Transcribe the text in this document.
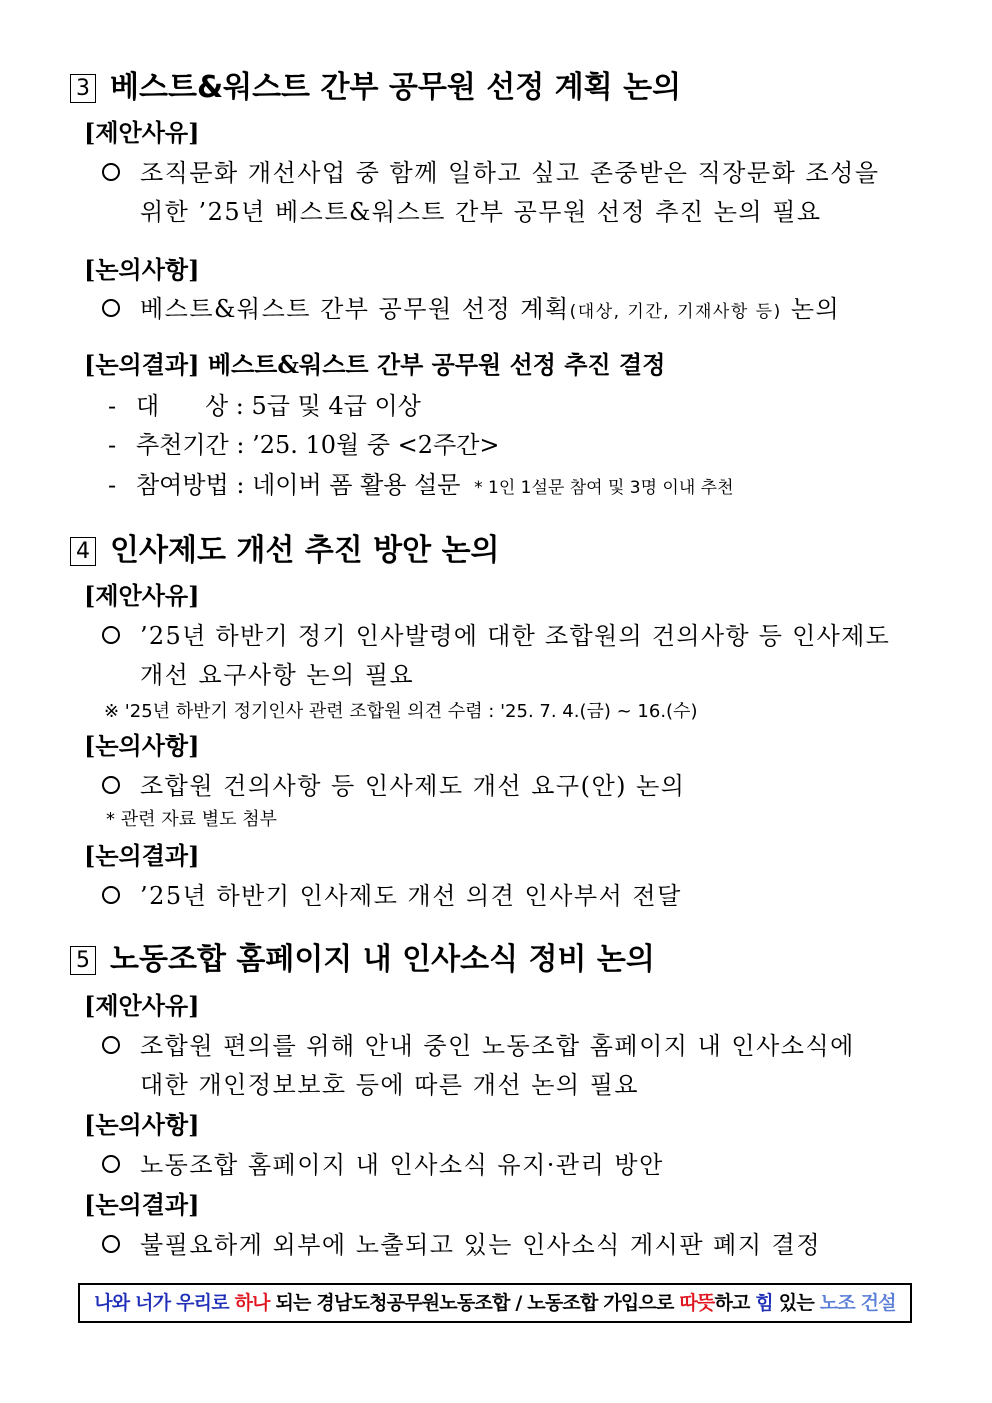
3 베스트&워스트 간부 공무원 선정 계획 논의
[제안사유]
조직문화 개선사업 중 함께 일하고 싶고 존중받은 직장문화 조성을
위한 ’25년 베스트&워스트 간부 공무원 선정 추진 논의 필요
[논의사항]
베스트&워스트 간부 공무원 선정 계획(대상, 기간, 기재사항 등) 논의
[논의결과] 베스트&워스트 간부 공무원 선정 추진 결정
- 대      상 : 5급 및 4급 이상
- 추천기간 : ’25. 10월 중 <2주간>
- 참여방법 : 네이버 폼 활용 설문 * 1인 1설문 참여 및 3명 이내 추천
4 인사제도 개선 추진 방안 논의
[제안사유]
’25년 하반기 정기 인사발령에 대한 조합원의 건의사항 등 인사제도
개선 요구사항 논의 필요
※ '25년 하반기 정기인사 관련 조합원 의견 수렴 : '25. 7. 4.(금) ~ 16.(수)
[논의사항]
조합원 건의사항 등 인사제도 개선 요구(안) 논의
* 관련 자료 별도 첨부
[논의결과]
’25년 하반기 인사제도 개선 의견 인사부서 전달
5 노동조합 홈페이지 내 인사소식 정비 논의
[제안사유]
조합원 편의를 위해 안내 중인 노동조합 홈페이지 내 인사소식에
대한 개인정보보호 등에 따른 개선 논의 필요
[논의사항]
노동조합 홈페이지 내 인사소식 유지·관리 방안
[논의결과]
불필요하게 외부에 노출되고 있는 인사소식 게시판 폐지 결정
나와 너가 우리로 하나 되는 경남도청공무원노동조합 / 노동조합 가입으로 따뜻하고 힘 있는 노조 건설
